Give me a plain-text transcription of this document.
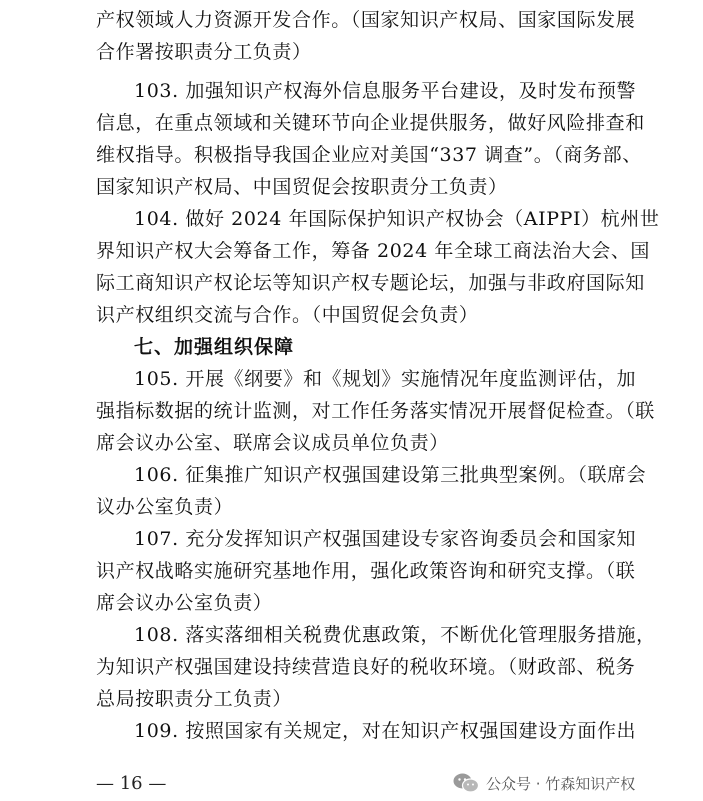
产权领域人力资源开发合作。（国家知识产权局、国家国际发展
合作署按职责分工负责）
103. 加强知识产权海外信息服务平台建设，及时发布预警
信息，在重点领域和关键环节向企业提供服务，做好风险排查和
维权指导。积极指导我国企业应对美国“337 调查”。（商务部、
国家知识产权局、中国贸促会按职责分工负责）
104. 做好 2024 年国际保护知识产权协会（AIPPI）杭州世
界知识产权大会筹备工作，筹备 2024 年全球工商法治大会、国
际工商知识产权论坛等知识产权专题论坛，加强与非政府国际知
识产权组织交流与合作。（中国贸促会负责）
七、加强组织保障
105. 开展《纲要》和《规划》实施情况年度监测评估，加
强指标数据的统计监测，对工作任务落实情况开展督促检查。（联
席会议办公室、联席会议成员单位负责）
106. 征集推广知识产权强国建设第三批典型案例。（联席会
议办公室负责）
107. 充分发挥知识产权强国建设专家咨询委员会和国家知
识产权战略实施研究基地作用，强化政策咨询和研究支撑。（联
席会议办公室负责）
108. 落实落细相关税费优惠政策，不断优化管理服务措施，
为知识产权强国建设持续营造良好的税收环境。（财政部、税务
总局按职责分工负责）
109. 按照国家有关规定，对在知识产权强国建设方面作出
— 16 —	公众号 · 竹森知识产权
